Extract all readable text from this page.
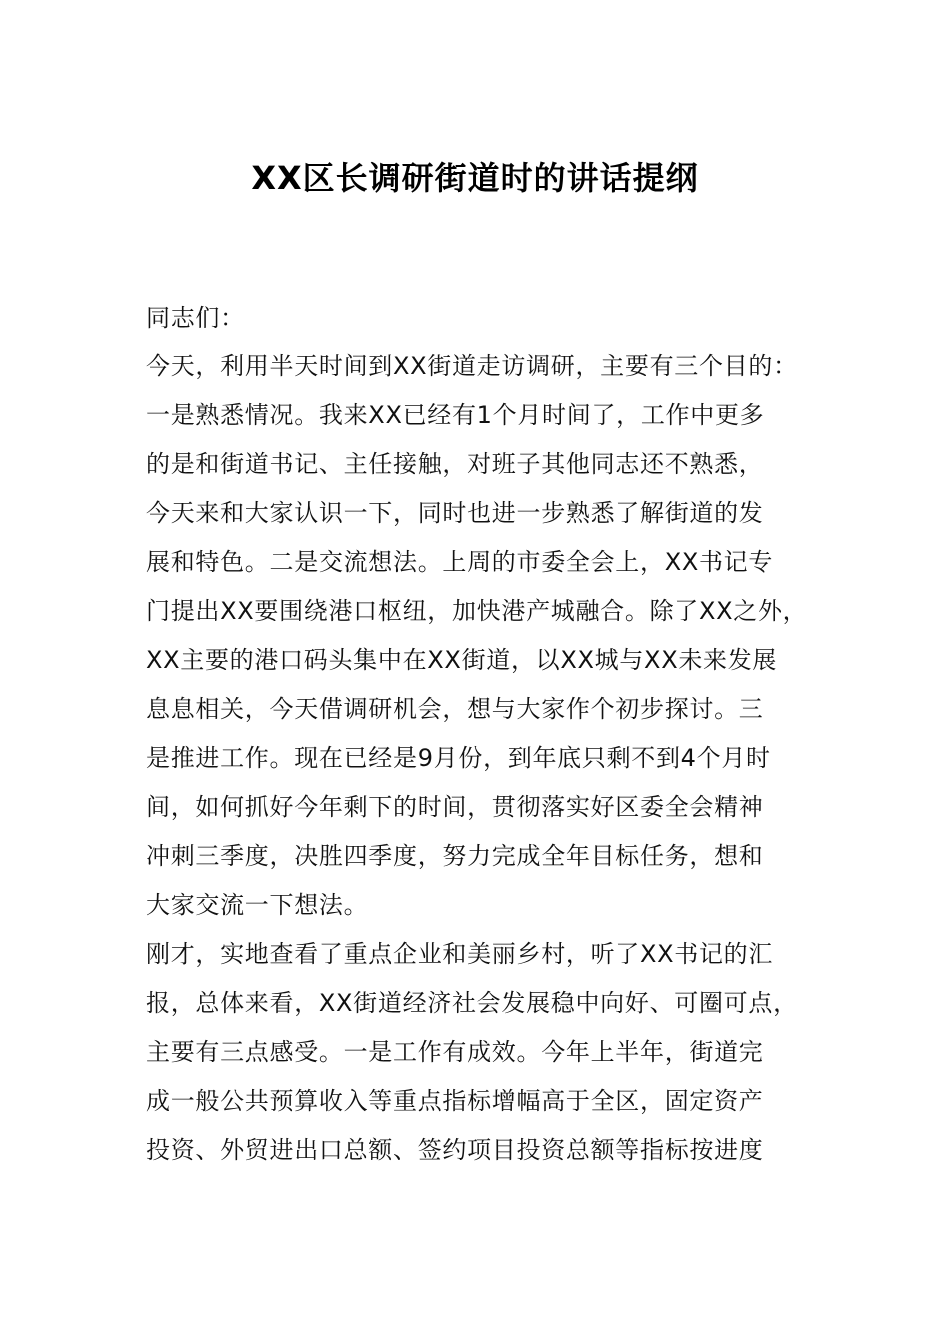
XX区长调研街道时的讲话提纲
同志们：
今天，利用半天时间到XX街道走访调研，主要有三个目的：
一是熟悉情况。我来XX已经有1个月时间了，工作中更多
的是和街道书记、主任接触，对班子其他同志还不熟悉，
今天来和大家认识一下，同时也进一步熟悉了解街道的发
展和特色。二是交流想法。上周的市委全会上，XX书记专
门提出XX要围绕港口枢纽，加快港产城融合。除了XX之外，
XX主要的港口码头集中在XX街道，以XX城与XX未来发展
息息相关，今天借调研机会，想与大家作个初步探讨。三
是推进工作。现在已经是9月份，到年底只剩不到4个月时
间，如何抓好今年剩下的时间，贯彻落实好区委全会精神
冲刺三季度，决胜四季度，努力完成全年目标任务，想和
大家交流一下想法。
刚才，实地查看了重点企业和美丽乡村，听了XX书记的汇
报，总体来看，XX街道经济社会发展稳中向好、可圈可点，
主要有三点感受。一是工作有成效。今年上半年，街道完
成一般公共预算收入等重点指标增幅高于全区，固定资产
投资、外贸进出口总额、签约项目投资总额等指标按进度
